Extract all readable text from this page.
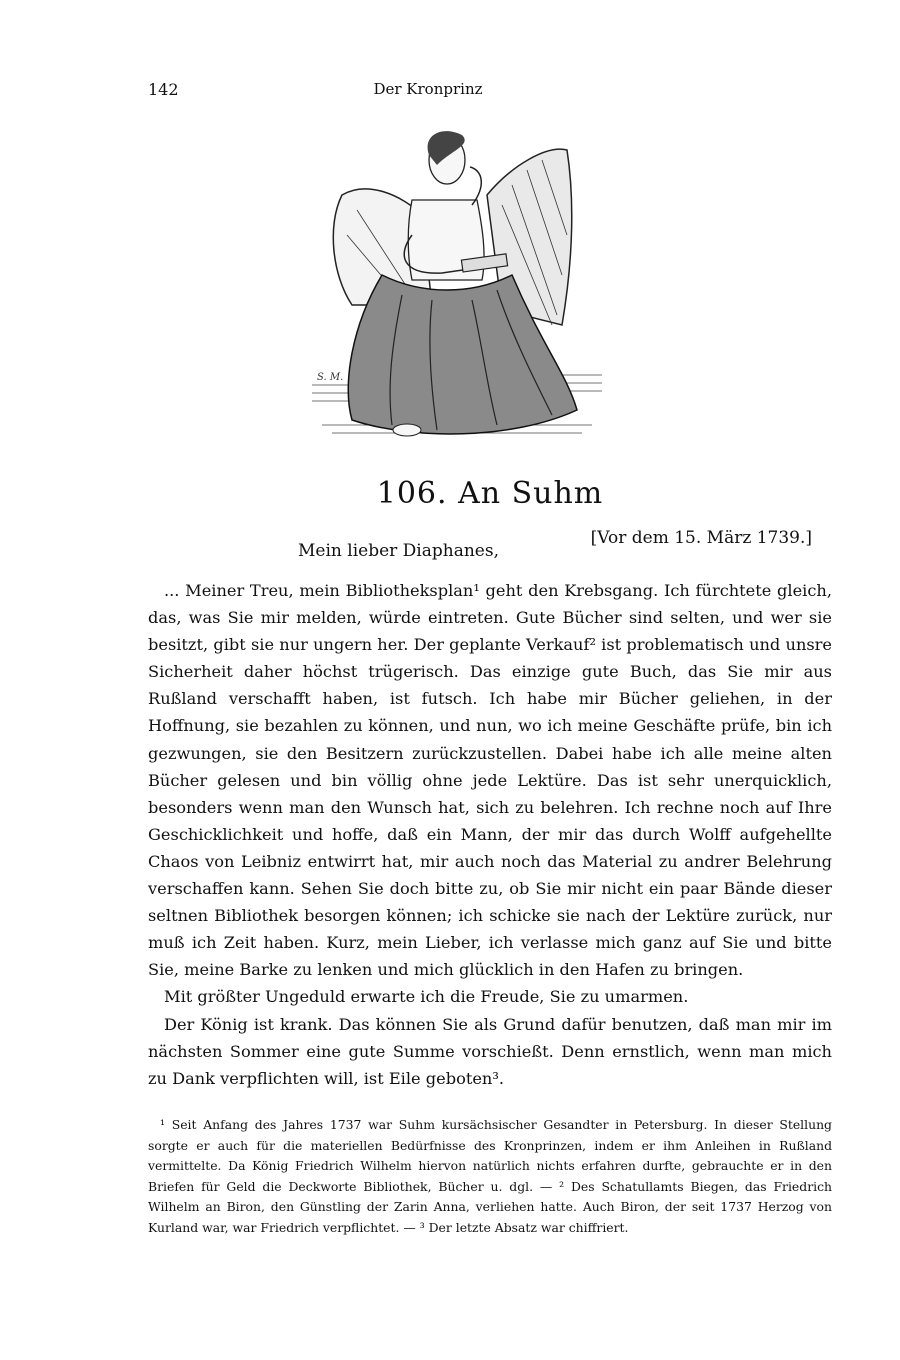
142	Der Kronprinz
S. M.
106. An Suhm
[Vor dem 15. März 1739.]
Mein lieber Diaphanes,

... Meiner Treu, mein Bibliotheksplan¹ geht den Krebsgang. Ich fürchtete gleich, das, was Sie mir melden, würde eintreten. Gute Bücher sind selten, und wer sie besitzt, gibt sie nur ungern her. Der geplante Verkauf² ist problematisch und unsre Sicherheit daher höchst trügerisch. Das einzige gute Buch, das Sie mir aus Rußland verschafft haben, ist futsch. Ich habe mir Bücher geliehen, in der Hoffnung, sie bezahlen zu können, und nun, wo ich meine Geschäfte prüfe, bin ich gezwungen, sie den Besitzern zurückzustellen. Dabei habe ich alle meine alten Bücher gelesen und bin völlig ohne jede Lektüre. Das ist sehr unerquicklich, besonders wenn man den Wunsch hat, sich zu belehren. Ich rechne noch auf Ihre Geschicklichkeit und hoffe, daß ein Mann, der mir das durch Wolff aufgehellte Chaos von Leibniz entwirrt hat, mir auch noch das Material zu andrer Belehrung verschaffen kann. Sehen Sie doch bitte zu, ob Sie mir nicht ein paar Bände dieser seltnen Bibliothek besorgen können; ich schicke sie nach der Lektüre zurück, nur muß ich Zeit haben. Kurz, mein Lieber, ich verlasse mich ganz auf Sie und bitte Sie, meine Barke zu lenken und mich glücklich in den Hafen zu bringen.

Mit größter Ungeduld erwarte ich die Freude, Sie zu umarmen.

Der König ist krank. Das können Sie als Grund dafür benutzen, daß man mir im nächsten Sommer eine gute Summe vorschießt. Denn ernstlich, wenn man mich zu Dank verpflichten will, ist Eile geboten³.

¹ Seit Anfang des Jahres 1737 war Suhm kursächsischer Gesandter in Petersburg. In dieser Stellung sorgte er auch für die materiellen Bedürfnisse des Kronprinzen, indem er ihm Anleihen in Rußland vermittelte. Da König Friedrich Wilhelm hiervon natürlich nichts erfahren durfte, gebrauchte er in den Briefen für Geld die Deckworte Bibliothek, Bücher u. dgl. — ² Des Schatullamts Biegen, das Friedrich Wilhelm an Biron, den Günstling der Zarin Anna, verliehen hatte. Auch Biron, der seit 1737 Herzog von Kurland war, war Friedrich verpflichtet. — ³ Der letzte Absatz war chiffriert.
